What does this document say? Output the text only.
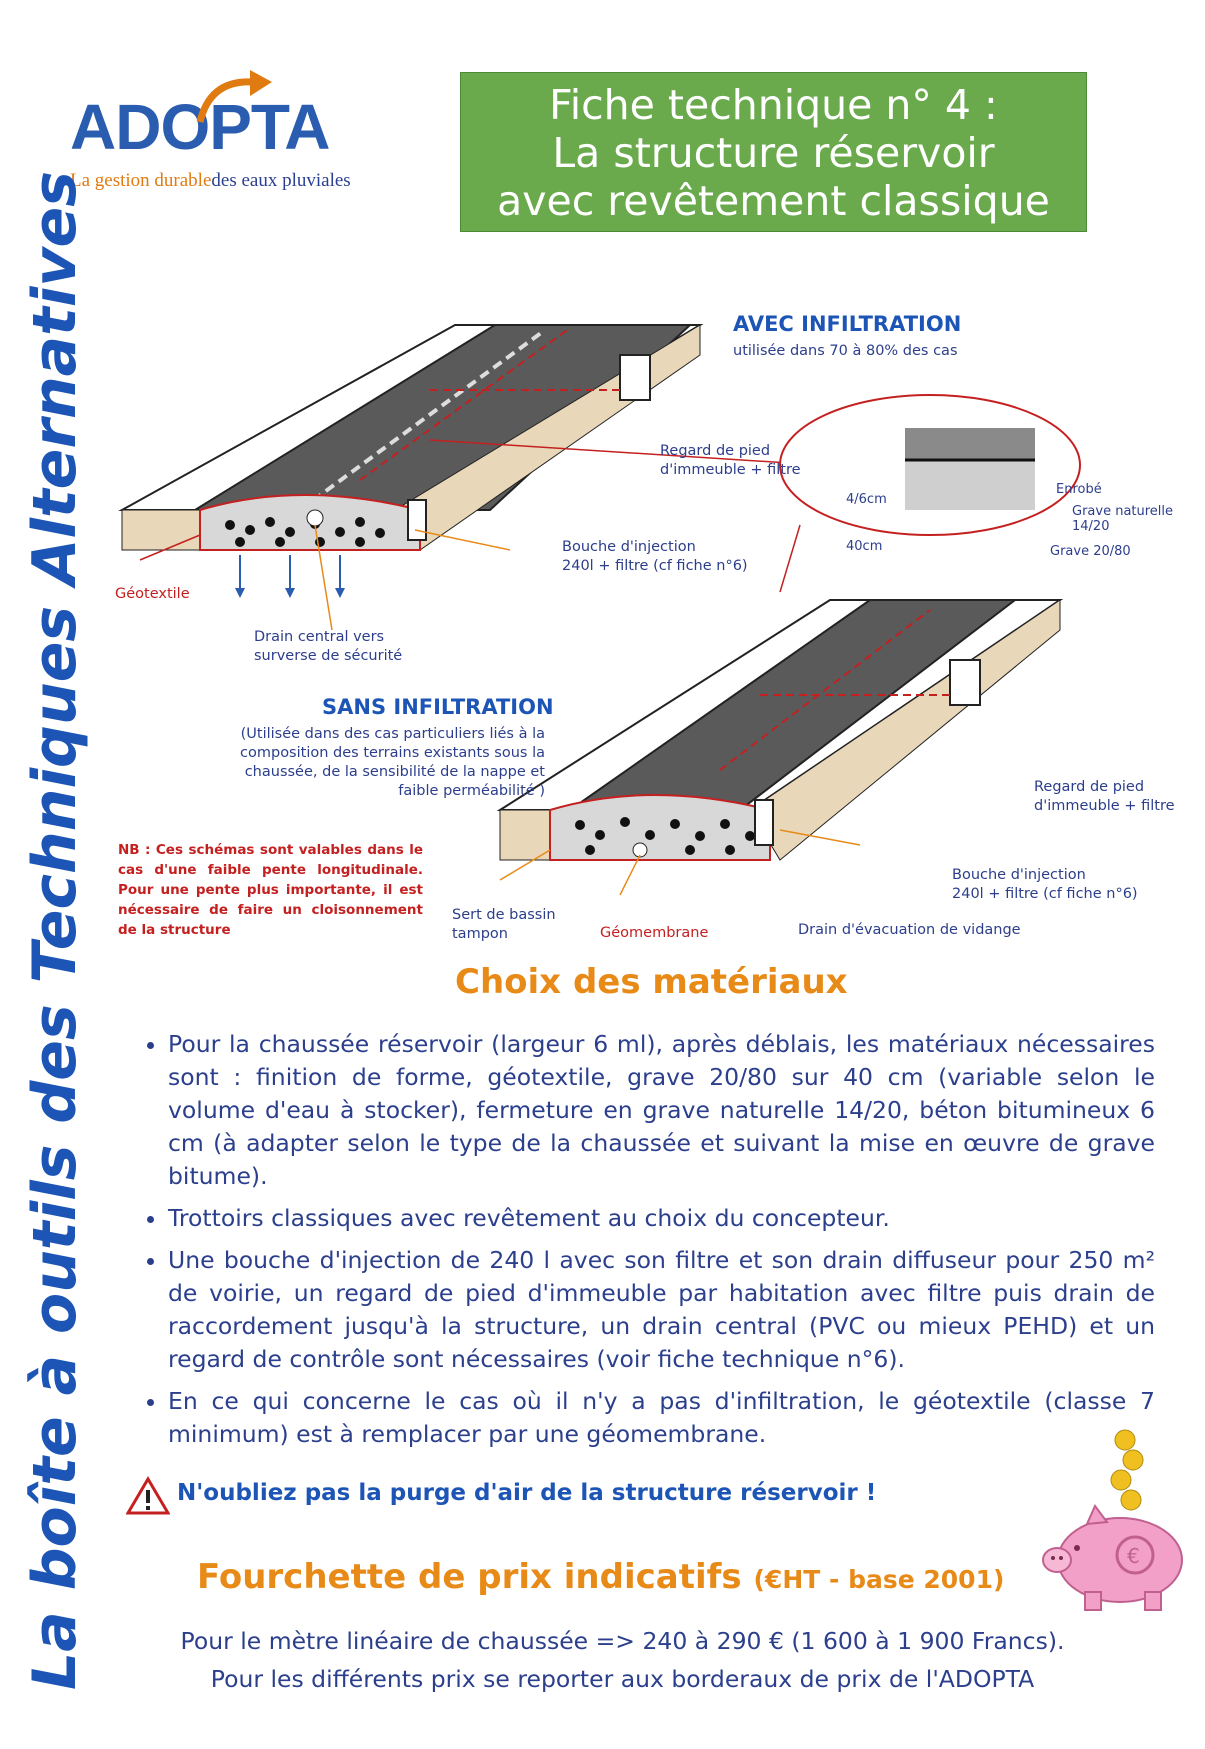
ADOPTA
La gestion durabledes eaux pluviales
Fiche technique n° 4 :
La structure réservoir
avec revêtement classique
La boîte à outils des Techniques Alternatives	AVEC INFILTRATION
utilisée dans 70 à 80% des cas
Regard de pied
d'immeuble + filtre
Bouche d'injection
240l + filtre (cf fiche n°6)
Géotextile
Drain central vers
surverse de sécurité
4/6cm
40cm
Enrobé
Grave naturelle
14/20
Grave 20/80
SANS INFILTRATION
(Utilisée dans des cas particuliers liés à la
composition des terrains existants sous la
chaussée, de la sensibilité de la nappe et
faible perméabilité )	Regard de pied
d'immeuble + filtre
Bouche d'injection
240l + filtre (cf fiche n°6)
Sert de bassin
tampon	Géomembrane	Drain d'évacuation de vidange
NB : Ces schémas sont valables dans le cas d'une faible pente longitudinale. Pour une pente plus importante, il est nécessaire de faire un cloisonnement de la structure
Choix des matériaux
• Pour la chaussée réservoir (largeur 6 ml), après déblais, les matériaux nécessaires sont : finition de forme, géotextile, grave 20/80 sur 40 cm (variable selon le volume d'eau à stocker), fermeture en grave naturelle 14/20, béton bitumineux 6 cm (à adapter selon le type de la chaussée et suivant la mise en œuvre de grave bitume).
• Trottoirs classiques avec revêtement au choix du concepteur.
• Une bouche d'injection de 240 l avec son filtre et son drain diffuseur pour 250 m² de voirie, un regard de pied d'immeuble par habitation avec filtre puis drain de raccordement jusqu'à la structure, un drain central (PVC ou mieux PEHD) et un regard de contrôle sont nécessaires (voir fiche technique n°6).
• En ce qui concerne le cas où il n'y a pas d'infiltration, le géotextile (classe 7 minimum) est à remplacer par une géomembrane.
N'oubliez pas la purge d'air de la structure réservoir !
Fourchette de prix indicatifs (€HT - base 2001)
Pour le mètre linéaire de chaussée => 240 à 290 € (1 600 à 1 900 Francs).
Pour les différents prix se reporter aux borderaux de prix de l'ADOPTA
€
